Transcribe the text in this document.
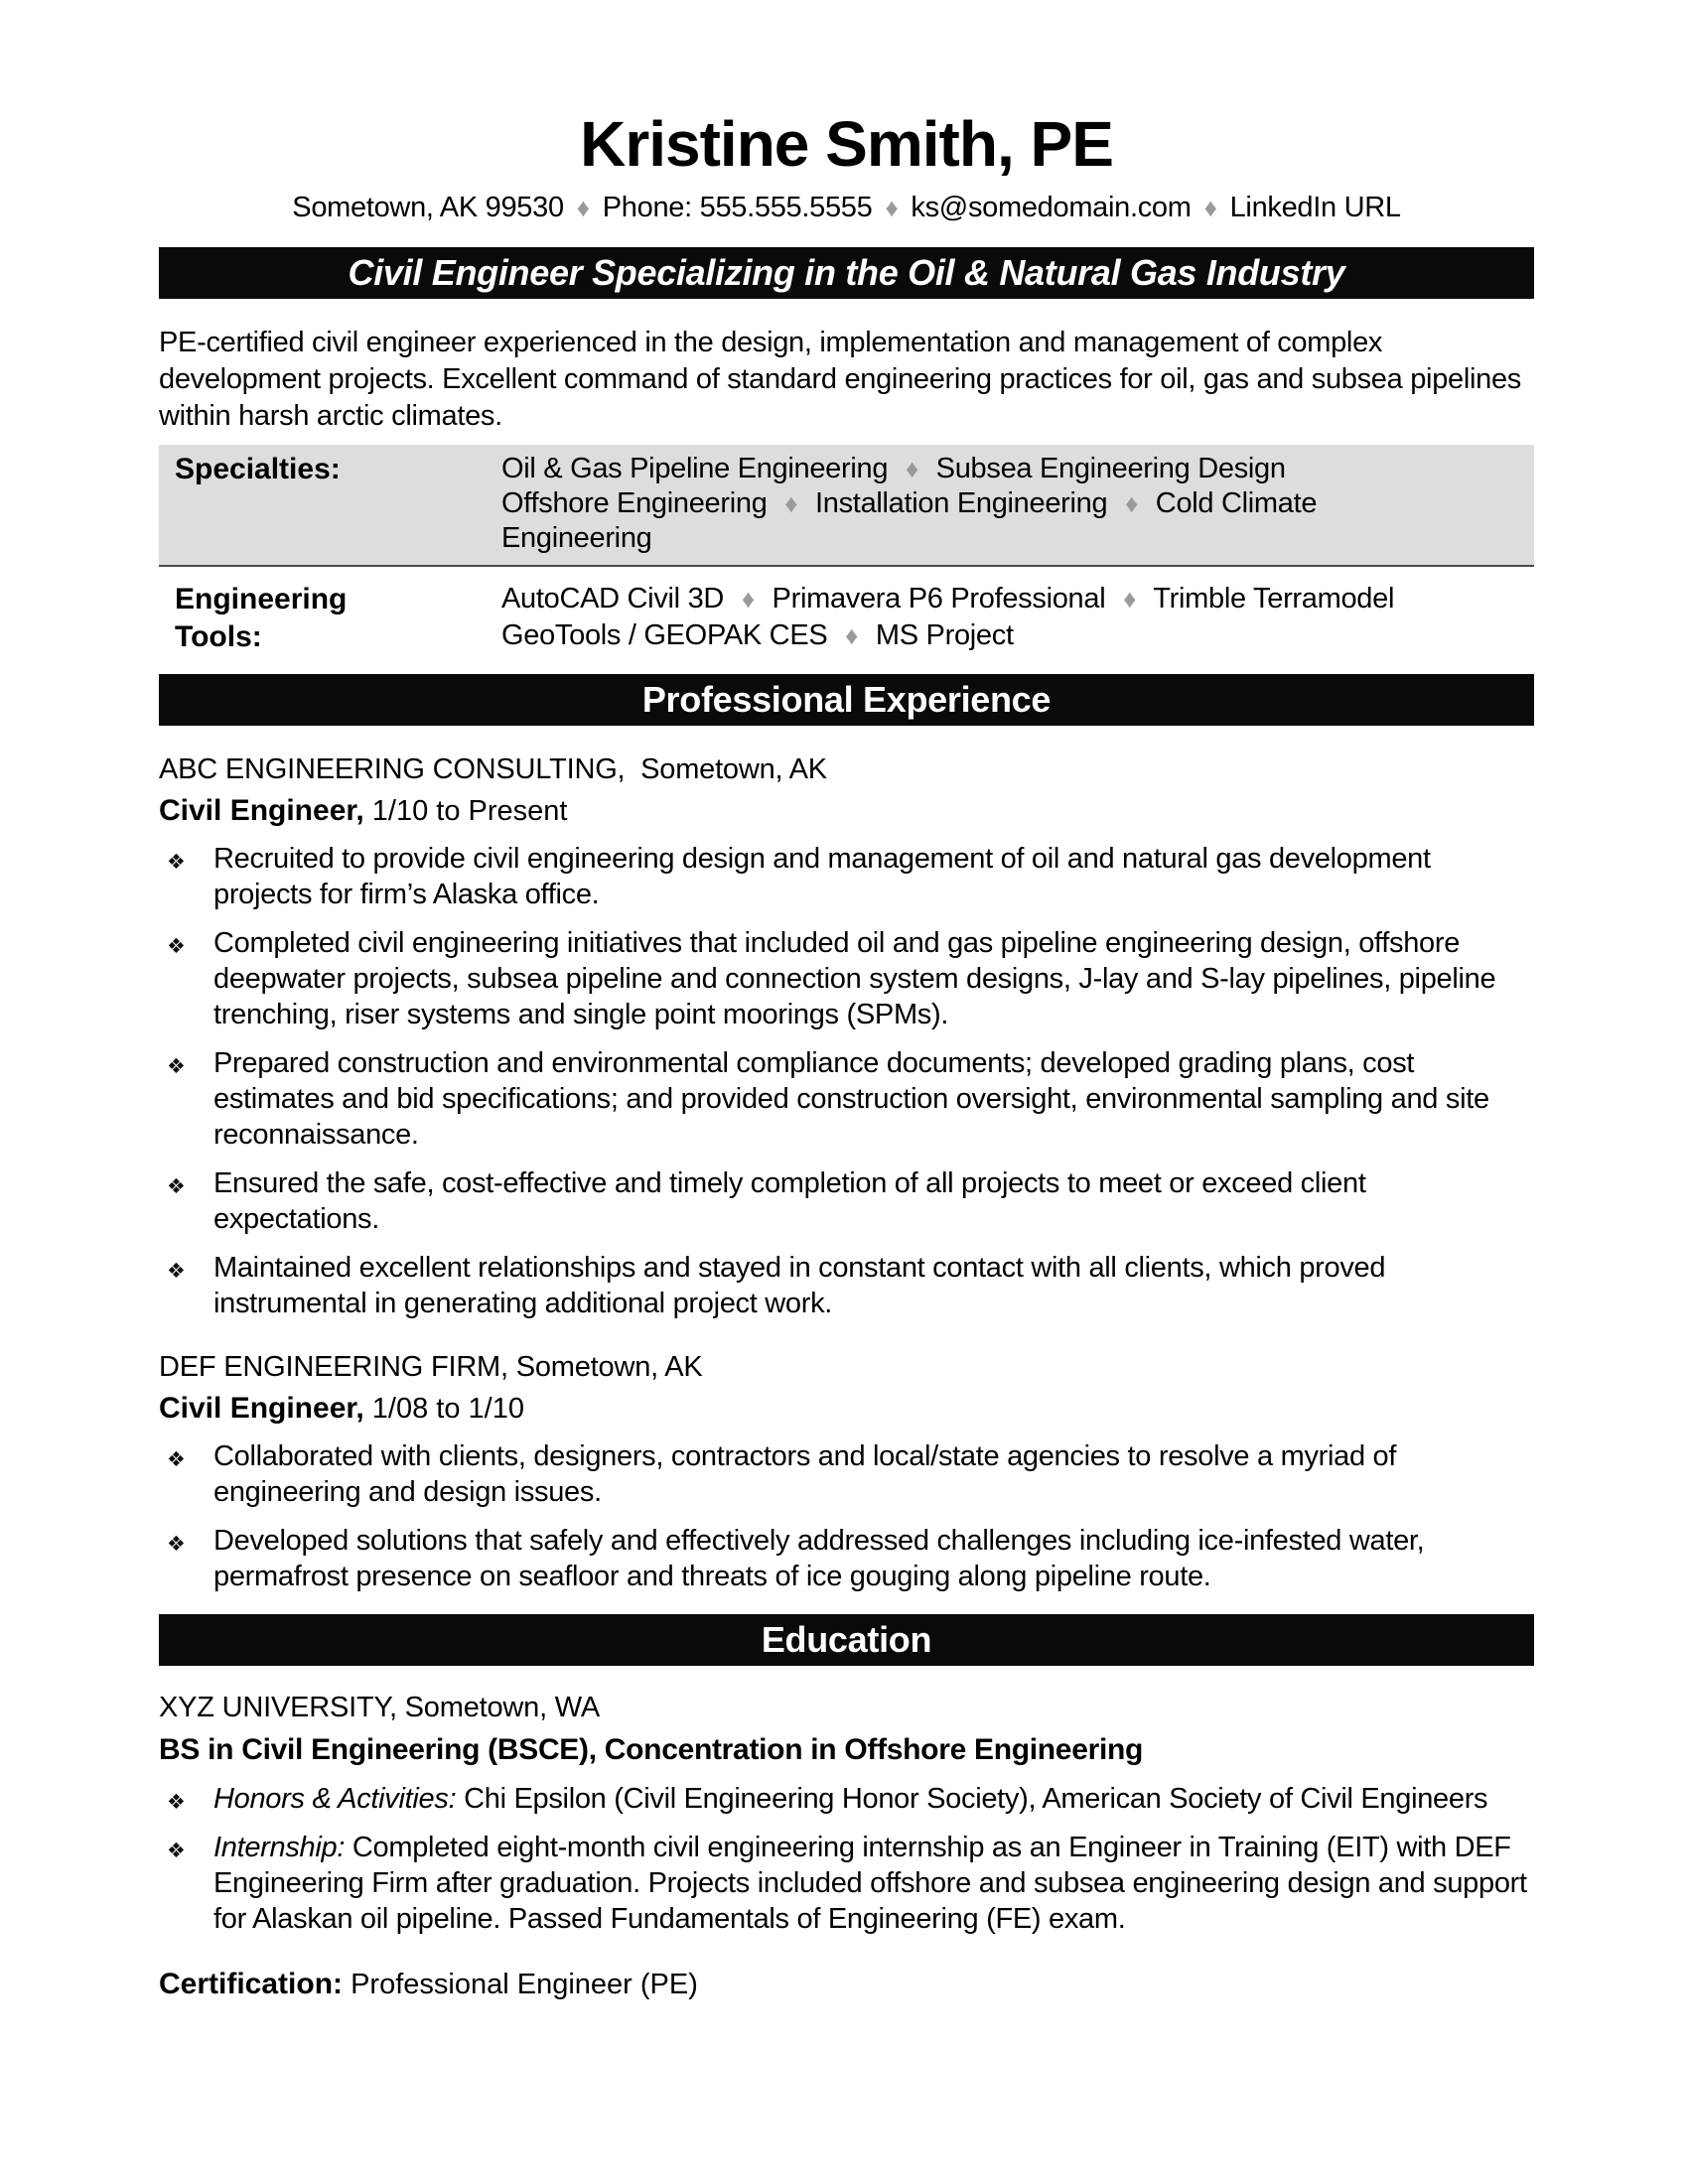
Kristine Smith, PE
Sometown, AK 99530 ♦ Phone: 555.555.5555 ♦ ks@somedomain.com ♦ LinkedIn URL
Civil Engineer Specializing in the Oil & Natural Gas Industry

PE-certified civil engineer experienced in the design, implementation and management of complex development projects. Excellent command of standard engineering practices for oil, gas and subsea pipelines within harsh arctic climates.

Specialties:	Oil & Gas Pipeline Engineering ♦ Subsea Engineering Design
Offshore Engineering ♦ Installation Engineering ♦ Cold Climate
Engineering
Engineering
Tools:
AutoCAD Civil 3D ♦ Primavera P6 Professional ♦ Trimble Terramodel
GeoTools / GEOPAK CES ♦ MS Project
Professional Experience

ABC ENGINEERING CONSULTING,  Sometown, AK

Civil Engineer, 1/10 to Present

❖ Recruited to provide civil engineering design and management of oil and natural gas development projects for firm’s Alaska office.
❖ Completed civil engineering initiatives that included oil and gas pipeline engineering design, offshore deepwater projects, subsea pipeline and connection system designs, J-lay and S-lay pipelines, pipeline trenching, riser systems and single point moorings (SPMs).
❖ Prepared construction and environmental compliance documents; developed grading plans, cost estimates and bid specifications; and provided construction oversight, environmental sampling and site reconnaissance.
❖ Ensured the safe, cost-effective and timely completion of all projects to meet or exceed client expectations.
❖ Maintained excellent relationships and stayed in constant contact with all clients, which proved instrumental in generating additional project work.

DEF ENGINEERING FIRM, Sometown, AK

Civil Engineer, 1/08 to 1/10

❖ Collaborated with clients, designers, contractors and local/state agencies to resolve a myriad of engineering and design issues.
❖ Developed solutions that safely and effectively addressed challenges including ice-infested water, permafrost presence on seafloor and threats of ice gouging along pipeline route.
Education

XYZ UNIVERSITY, Sometown, WA

BS in Civil Engineering (BSCE), Concentration in Offshore Engineering

❖ Honors & Activities: Chi Epsilon (Civil Engineering Honor Society), American Society of Civil Engineers
❖ Internship: Completed eight-month civil engineering internship as an Engineer in Training (EIT) with DEF Engineering Firm after graduation. Projects included offshore and subsea engineering design and support for Alaskan oil pipeline. Passed Fundamentals of Engineering (FE) exam.

Certification: Professional Engineer (PE)
